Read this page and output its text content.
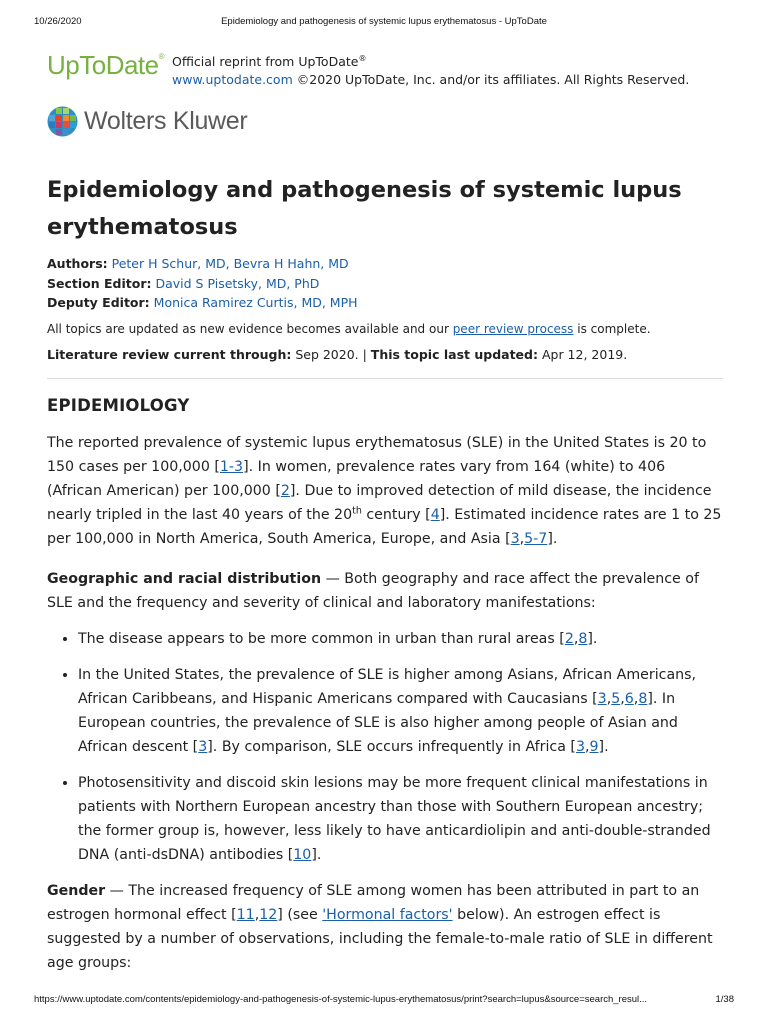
10/26/2020	Epidemiology and pathogenesis of systemic lupus erythematosus - UpToDate
UpToDate® Official reprint from UpToDate®
www.uptodate.com ©2020 UpToDate, Inc. and/or its affiliates. All Rights Reserved.
Wolters Kluwer
Epidemiology and pathogenesis of systemic lupus erythematosus
Authors: Peter H Schur, MD, Bevra H Hahn, MD
Section Editor: David S Pisetsky, MD, PhD
Deputy Editor: Monica Ramirez Curtis, MD, MPH
All topics are updated as new evidence becomes available and our peer review process is complete.
Literature review current through: Sep 2020. | This topic last updated: Apr 12, 2019.
EPIDEMIOLOGY

The reported prevalence of systemic lupus erythematosus (SLE) in the United States is 20 to 150 cases per 100,000 [1-3]. In women, prevalence rates vary from 164 (white) to 406 (African American) per 100,000 [2]. Due to improved detection of mild disease, the incidence nearly tripled in the last 40 years of the 20th century [4]. Estimated incidence rates are 1 to 25 per 100,000 in North America, South America, Europe, and Asia [3,5-7].

Geographic and racial distribution — Both geography and race affect the prevalence of SLE and the frequency and severity of clinical and laboratory manifestations:

• The disease appears to be more common in urban than rural areas [2,8].
• In the United States, the prevalence of SLE is higher among Asians, African Americans, African Caribbeans, and Hispanic Americans compared with Caucasians [3,5,6,8]. In European countries, the prevalence of SLE is also higher among people of Asian and African descent [3]. By comparison, SLE occurs infrequently in Africa [3,9].
• Photosensitivity and discoid skin lesions may be more frequent clinical manifestations in patients with Northern European ancestry than those with Southern European ancestry; the former group is, however, less likely to have anticardiolipin and anti-double-stranded DNA (anti-dsDNA) antibodies [10].

Gender — The increased frequency of SLE among women has been attributed in part to an estrogen hormonal effect [11,12] (see 'Hormonal factors' below). An estrogen effect is suggested by a number of observations, including the female-to-male ratio of SLE in different age groups:

https://www.uptodate.com/contents/epidemiology-and-pathogenesis-of-systemic-lupus-erythematosus/print?search=lupus&source=search_resul...	1/38
